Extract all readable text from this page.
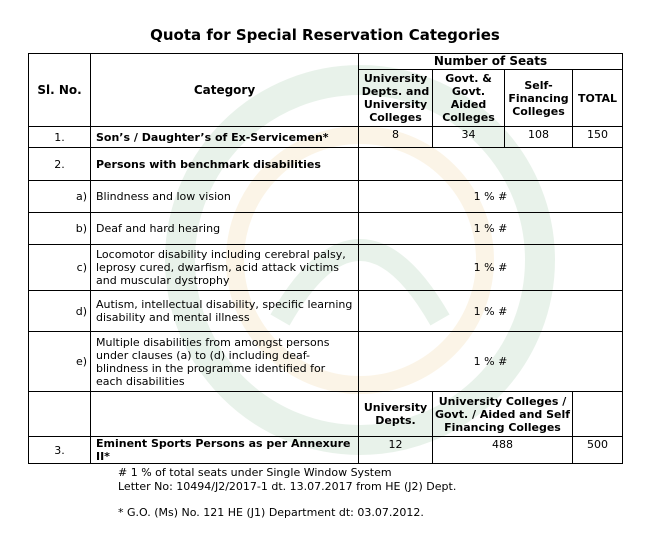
Quota for Special Reservation Categories
Sl. No.	Category	Number of Seats			
		University Depts. and University Colleges	Govt. & Govt. Aided Colleges	Self-Financing Colleges	TOTAL
1.	Son’s / Daughter’s of Ex-Servicemen*	8	34	108	150
2.	Persons with benchmark disabilities				
a)	Blindness and low vision	1 % #			
b)	Deaf and hard hearing	1 % #			
c)	Locomotor disability including cerebral palsy, leprosy cured, dwarfism, acid attack victims and muscular dystrophy	1 % #			
d)	Autism, intellectual disability, specific learning disability and mental illness	1 % #			
e)	Multiple disabilities from amongst persons under clauses (a) to (d) including deaf-blindness in the programme identified for each disabilities	1 % #			
		University Depts.	University Colleges / Govt. / Aided and Self Financing Colleges		
3.	Eminent Sports Persons as per Annexure II*	12	488		500

# 1 % of total seats under Single Window System

Letter No: 10494/J2/2017-1 dt. 13.07.2017 from HE (J2) Dept.

* G.O. (Ms) No. 121 HE (J1) Department dt: 03.07.2012.
